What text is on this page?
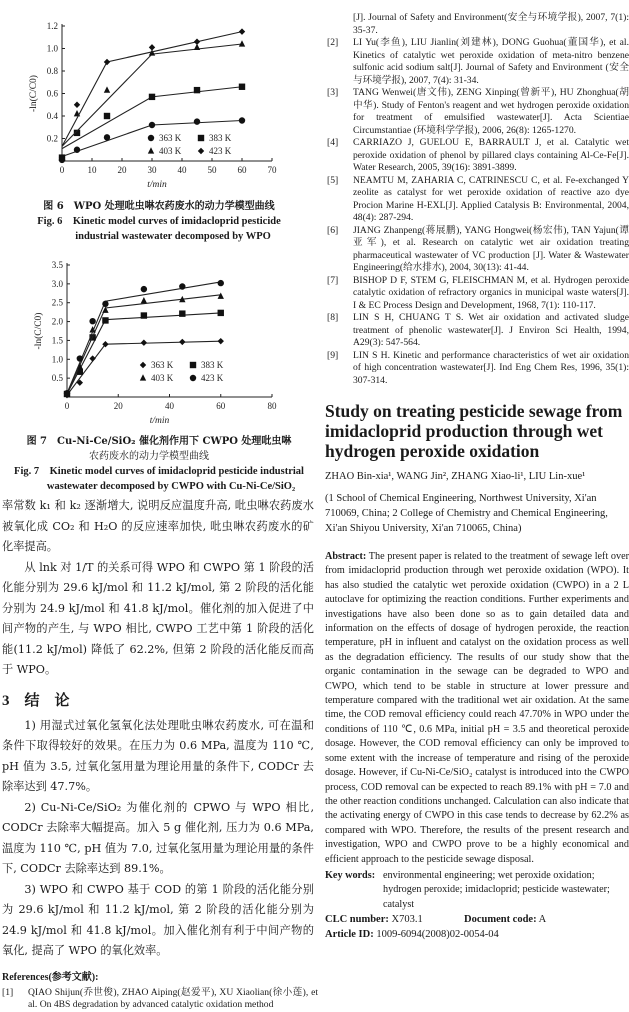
0	10 20 30 40 50 60 70
0.2
0.4
0.6
0.8
1.0
1.2
t/min
-ln(C/C0)
363 K	383 K
403 K	423 K
图 6　WPO 处理吡虫啉农药废水的动力学模型曲线
Fig. 6 Kinetic model curves of imidacloprid pesticide
industrial wastewater decomposed by WPO
0	20	40	60	80
0.5
1.0
1.5
2.0
2.5
3.0
3.5
t/min
-ln(C/C0)
363 K	383 K
403 K	423 K
图 7　Cu-Ni-Ce/SiO₂ 催化剂作用下 CWPO 处理吡虫啉
农药废水的动力学模型曲线
Fig. 7 Kinetic model curves of imidacloprid pesticide industrial
wastewater decomposed by CWPO with Cu-Ni-Ce/SiO₂

率常数 k₁ 和 k₂ 逐渐增大, 说明反应温度升高, 吡虫啉农药废水被氧化成 CO₂ 和 H₂O 的反应速率加快, 吡虫啉农药废水的矿化率提高。

从 lnk 对 1/T 的关系可得 WPO 和 CWPO 第 1 阶段的活化能分别为 29.6 kJ/mol 和 11.2 kJ/mol, 第 2 阶段的活化能分别为 24.9 kJ/mol 和 41.8 kJ/mol。催化剂的加入促进了中间产物的产生, 与 WPO 相比, CWPO 工艺中第 1 阶段的活化能(11.2 kJ/mol) 降低了 62.2%, 但第 2 阶段的活化能反而高于 WPO。

3　结　论

1) 用湿式过氧化氢氧化法处理吡虫啉农药废水, 可在温和条件下取得较好的效果。在压力为 0.6 MPa, 温度为 110 ℃, pH 值为 3.5, 过氧化氢用量为理论用量的条件下, CODCr 去除率达到 47.7%。

2) Cu-Ni-Ce/SiO₂ 为催化剂的 CPWO 与 WPO 相比, CODCr 去除率大幅提高。加入 5 g 催化剂, 压力为 0.6 MPa, 温度为 110 ℃, pH 值为 7.0, 过氧化氢用量为理论用量的条件下, CODCr 去除率达到 89.1%。

3) WPO 和 CWPO 基于 COD 的第 1 阶段的活化能分别为 29.6 kJ/mol 和 11.2 kJ/mol, 第 2 阶段的活化能分别为 24.9 kJ/mol 和 41.8 kJ/mol。加入催化剂有利于中间产物的氧化, 提高了 WPO 的氧化效率。

References(参考文献):
[1]	QIAO Shijun(乔世俊), ZHAO Aiping(赵爱平), XU Xiaolian(徐小莲), et al. On 4BS degradation by advanced catalytic oxidation method
[J]. Journal of Safety and Environment(安全与环境学报), 2007, 7(1): 35-37.
[2]	LI Yu(李鱼), LIU Jianlin(刘建林), DONG Guohua(董国华), et al. Kinetics of catalytic wet peroxide oxidation of meta-nitro benzene sulfonic acid sodium salt[J]. Journal of Safety and Environment (安全与环境学报), 2007, 7(4): 31-34.
[3]	TANG Wenwei(唐文伟), ZENG Xinping(曾新平), HU Zhonghua(胡中华). Study of Fenton's reagent and wet hydrogen peroxide oxidation for treatment of emulsified wastewater[J]. Acta Scientiae Circumstantiae (环境科学学报), 2006, 26(8): 1265-1270.
[4]	CARRIAZO J, GUELOU E, BARRAULT J, et al. Catalytic wet peroxide oxidation of phenol by pillared clays containing Al-Ce-Fe[J]. Water Research, 2005, 39(16): 3891-3899.
[5]	NEAMTU M, ZAHARIA C, CATRINESCU C, et al. Fe-exchanged Y zeolite as catalyst for wet peroxide oxidation of reactive azo dye Procion Marine H-EXL[J]. Applied Catalysis B: Environmental, 2004, 48(4): 287-294.
[6]	JIANG Zhanpeng(蒋展鹏), YANG Hongwei(杨宏伟), TAN Yajun(谭亚军), et al. Research on catalytic wet air oxidation treating pharmaceutical wastewater of VC production [J]. Water & Wastewater Engineering(给水排水), 2004, 30(13): 41-44.
[7]	BISHOP D F, STEM G, FLEISCHMAN M, et al. Hydrogen peroxide catalytic oxidation of refractory organics in municipal waste waters[J]. I & EC Process Design and Development, 1968, 7(1): 110-117.
[8]	LIN S H, CHUANG T S. Wet air oxidation and activated sludge treatment of phenolic wastewater[J]. J Environ Sci Health, 1994, A29(3): 547-564.
[9]	LIN S H. Kinetic and performance characteristics of wet air oxidation of high concentration wastewater[J]. Ind Eng Chem Res, 1996, 35(1): 307-314.
Study on treating pesticide sewage from imidacloprid production through wet hydrogen peroxide oxidation
ZHAO Bin-xia¹, WANG Jin², ZHANG Xiao-li¹, LIU Lin-xue¹
(1 School of Chemical Engineering, Northwest University, Xi'an 710069, China; 2 College of Chemistry and Chemical Engineering, Xi'an Shiyou University, Xi'an 710065, China)
Abstract: The present paper is related to the treatment of sewage left over from imidacloprid production through wet peroxide oxidation (WPO). It has also studied the catalytic wet peroxide oxidation (CWPO) in a 2 L autoclave for optimizing the reaction conditions. Further experiments and investigations have also been done so as to gain detailed data and information on the effects of dosage of hydrogen peroxide, the reaction temperature, pH in influent and catalyst on the oxidation process as well as the degradation efficiency. The results of our study show that the organic contamination in the sewage can be degraded to WPO and CWPO, which tend to be stable in structure at lower pressure and temperature compared with the traditional wet air oxidation. At the same time, the COD removal efficiency could reach 47.70% in WPO under the conditions of 110 ℃, 0.6 MPa, initial pH = 3.5 and theoretical peroxide dosage. However, the COD removal efficiency can only be improved to some extent with the increase of temperature and rising of the peroxide dosage. However, if Cu-Ni-Ce/SiO₂ catalyst is introduced into the CWPO process, COD removal can be expected to reach 89.1% with pH = 7.0 and the other reaction conditions unchanged. Calculation can also indicate that the activating energy of CWPO in this case tends to decrease by 62.2% as compared with WPO. Therefore, the results of the present research and investigation, WPO and CWPO prove to be a highly economical and efficient approach to the pesticide sewage disposal.
Key words: environmental engineering; wet peroxide oxidation; hydrogen peroxide; imidacloprid; pesticide wastewater; catalyst
CLC number: X703.1	Document code: A
Article ID: 1009-6094(2008)02-0054-04
